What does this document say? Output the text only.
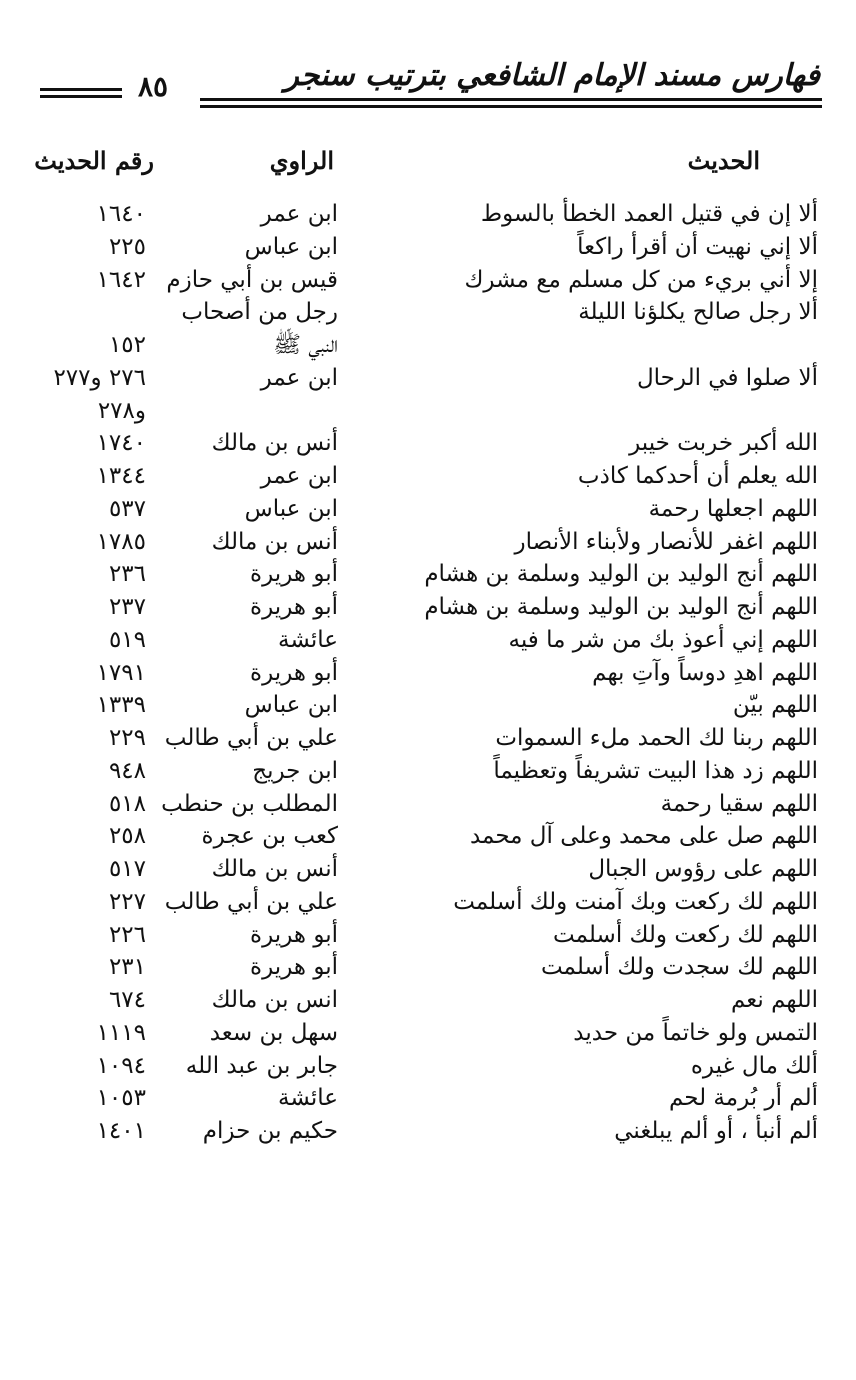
٨٥	فهارس مسند الإمام الشافعي بترتيب سنجر
الحديث
الراوي
رقم الحديث
ألا إن في قتيل العمد الخطأ بالسوط
ابن عمر
١٦٤٠
ألا إني نهيت أن أقرأ راكعاً
ابن عباس
٢٢٥
إلا أني بريء من كل مسلم مع مشرك
قيس بن أبي حازم
١٦٤٢
ألا رجل صالح يكلؤنا الليلة
رجل من أصحاب
النبي ﷺ
١٥٢
ألا صلوا في الرحال
ابن عمر
٢٧٦ و٢٧٧
و٢٧٨
الله أكبر خربت خيبر
أنس بن مالك
١٧٤٠
الله يعلم أن أحدكما كاذب
ابن عمر
١٣٤٤
اللهم اجعلها رحمة
ابن عباس
٥٣٧
اللهم اغفر للأنصار ولأبناء الأنصار
أنس بن مالك
١٧٨٥
اللهم أنج الوليد بن الوليد وسلمة بن هشام
أبو هريرة
٢٣٦
اللهم أنج الوليد بن الوليد وسلمة بن هشام
أبو هريرة
٢٣٧
اللهم إني أعوذ بك من شر ما فيه
عائشة
٥١٩
اللهم اهدِ دوساً وآتِ بهم
أبو هريرة
١٧٩١
اللهم بيّن
ابن عباس
١٣٣٩
اللهم ربنا لك الحمد ملء السموات
علي بن أبي طالب
٢٢٩
اللهم زد هذا البيت تشريفاً وتعظيماً
ابن جريج
٩٤٨
اللهم سقيا رحمة
المطلب بن حنطب
٥١٨
اللهم صل على محمد وعلى آل محمد
كعب بن عجرة
٢٥٨
اللهم على رؤوس الجبال
أنس بن مالك
٥١٧
اللهم لك ركعت وبك آمنت ولك أسلمت
علي بن أبي طالب
٢٢٧
اللهم لك ركعت ولك أسلمت
أبو هريرة
٢٢٦
اللهم لك سجدت ولك أسلمت
أبو هريرة
٢٣١
اللهم نعم
انس بن مالك
٦٧٤
التمس ولو خاتماً من حديد
سهل بن سعد
١١١٩
ألك مال غيره
جابر بن عبد الله
١٠٩٤
ألم أر بُرمة لحم
عائشة
١٠٥٣
ألم أنبأ ، أو ألم يبلغني
حكيم بن حزام
١٤٠١
